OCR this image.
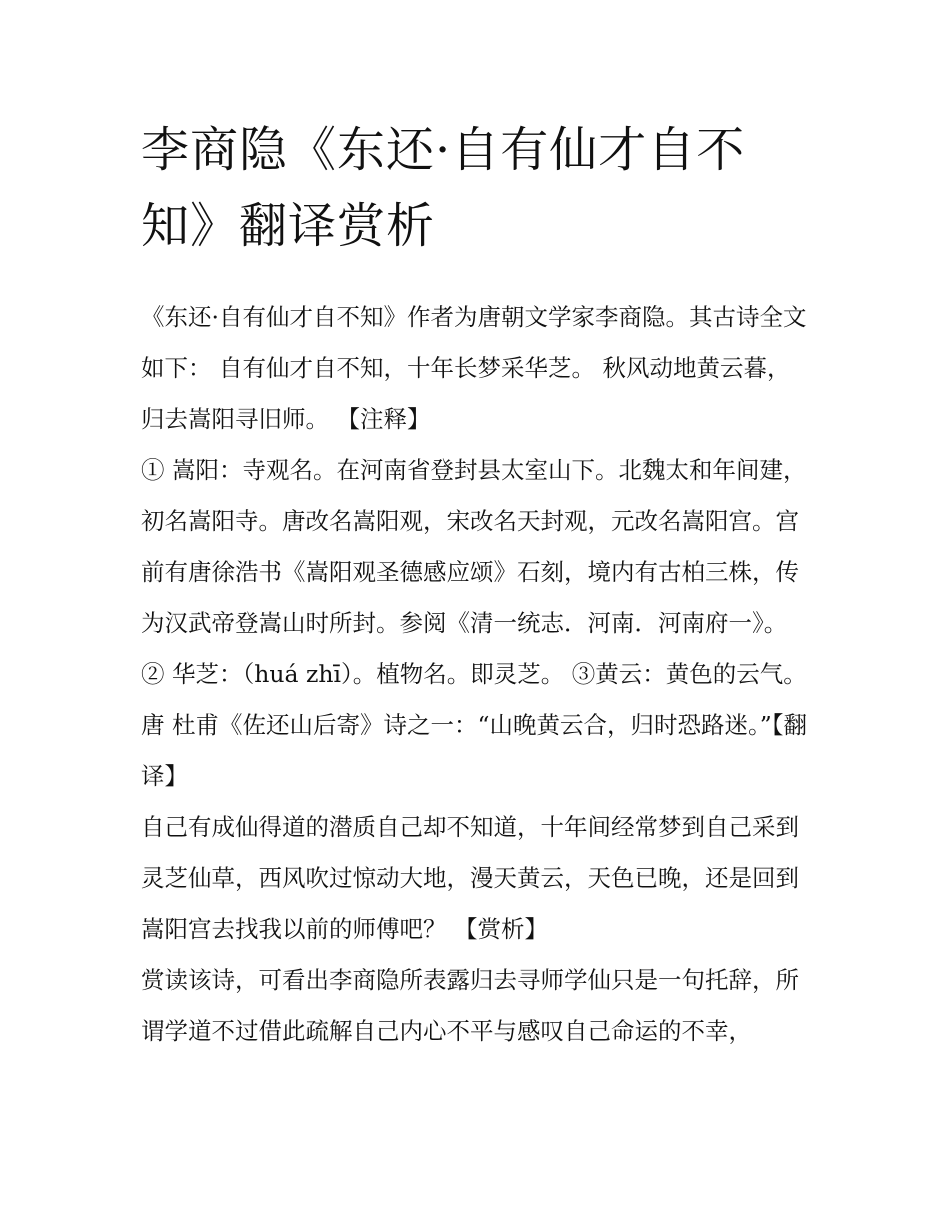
李商隐《东还·自有仙才自不知》翻译赏析

《东还·自有仙才自不知》作者为唐朝文学家李商隐。其古诗全文如下： 自有仙才自不知，十年长梦采华芝。 秋风动地黄云暮，归去嵩阳寻旧师。 【注释】

① 嵩阳：寺观名。在河南省登封县太室山下。北魏太和年间建，初名嵩阳寺。唐改名嵩阳观，宋改名天封观，元改名嵩阳宫。宫前有唐徐浩书《嵩阳观圣德感应颂》石刻，境内有古柏三株，传为汉武帝登嵩山时所封。参阅《清一统志．河南．河南府一》。

② 华芝：（huá zhī）。植物名。即灵芝。 ③黄云：黄色的云气。唐 杜甫《佐还山后寄》诗之一：“山晚黄云合，归时恐路迷。”【翻译】

自己有成仙得道的潜质自己却不知道，十年间经常梦到自己采到灵芝仙草，西风吹过惊动大地，漫天黄云，天色已晚，还是回到嵩阳宫去找我以前的师傅吧？ 【赏析】

赏读该诗，可看出李商隐所表露归去寻师学仙只是一句托辞，所谓学道不过借此疏解自己内心不平与感叹自己命运的不幸，
